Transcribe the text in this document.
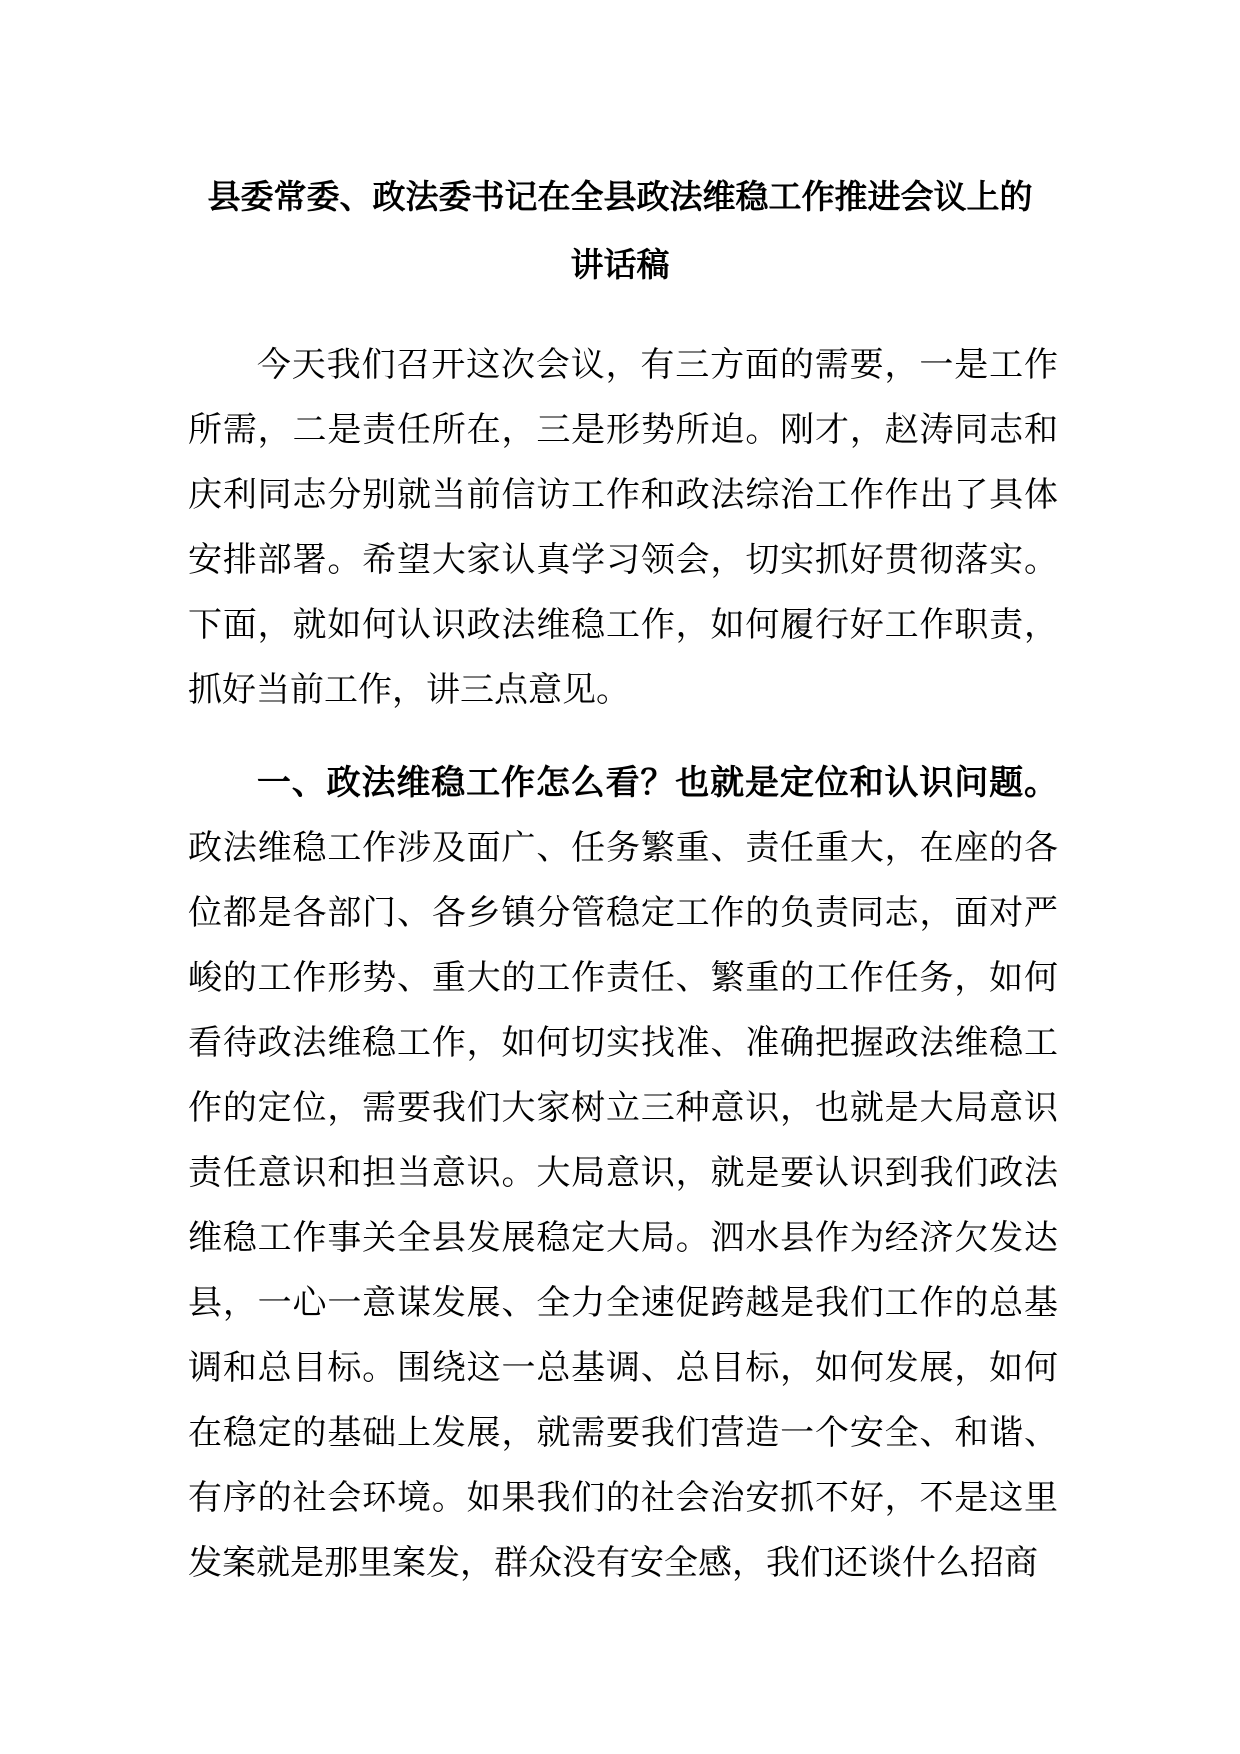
县委常委、政法委书记在全县政法维稳工作推进会议上的
讲话稿

今天我们召开这次会议，有三方面的需要，一是工作所需，二是责任所在，三是形势所迫。刚才，赵涛同志和庆利同志分别就当前信访工作和政法综治工作作出了具体安排部署。希望大家认真学习领会，切实抓好贯彻落实。下面，就如何认识政法维稳工作，如何履行好工作职责，抓好当前工作，讲三点意见。

一、政法维稳工作怎么看？也就是定位和认识问题。政法维稳工作涉及面广、任务繁重、责任重大，在座的各位都是各部门、各乡镇分管稳定工作的负责同志，面对严峻的工作形势、重大的工作责任、繁重的工作任务，如何看待政法维稳工作，如何切实找准、准确把握政法维稳工作的定位，需要我们大家树立三种意识，也就是大局意识责任意识和担当意识。大局意识，就是要认识到我们政法维稳工作事关全县发展稳定大局。泗水县作为经济欠发达县，一心一意谋发展、全力全速促跨越是我们工作的总基调和总目标。围绕这一总基调、总目标，如何发展，如何在稳定的基础上发展，就需要我们营造一个安全、和谐、有序的社会环境。如果我们的社会治安抓不好，不是这里发案就是那里案发，群众没有安全感，我们还谈什么招商
